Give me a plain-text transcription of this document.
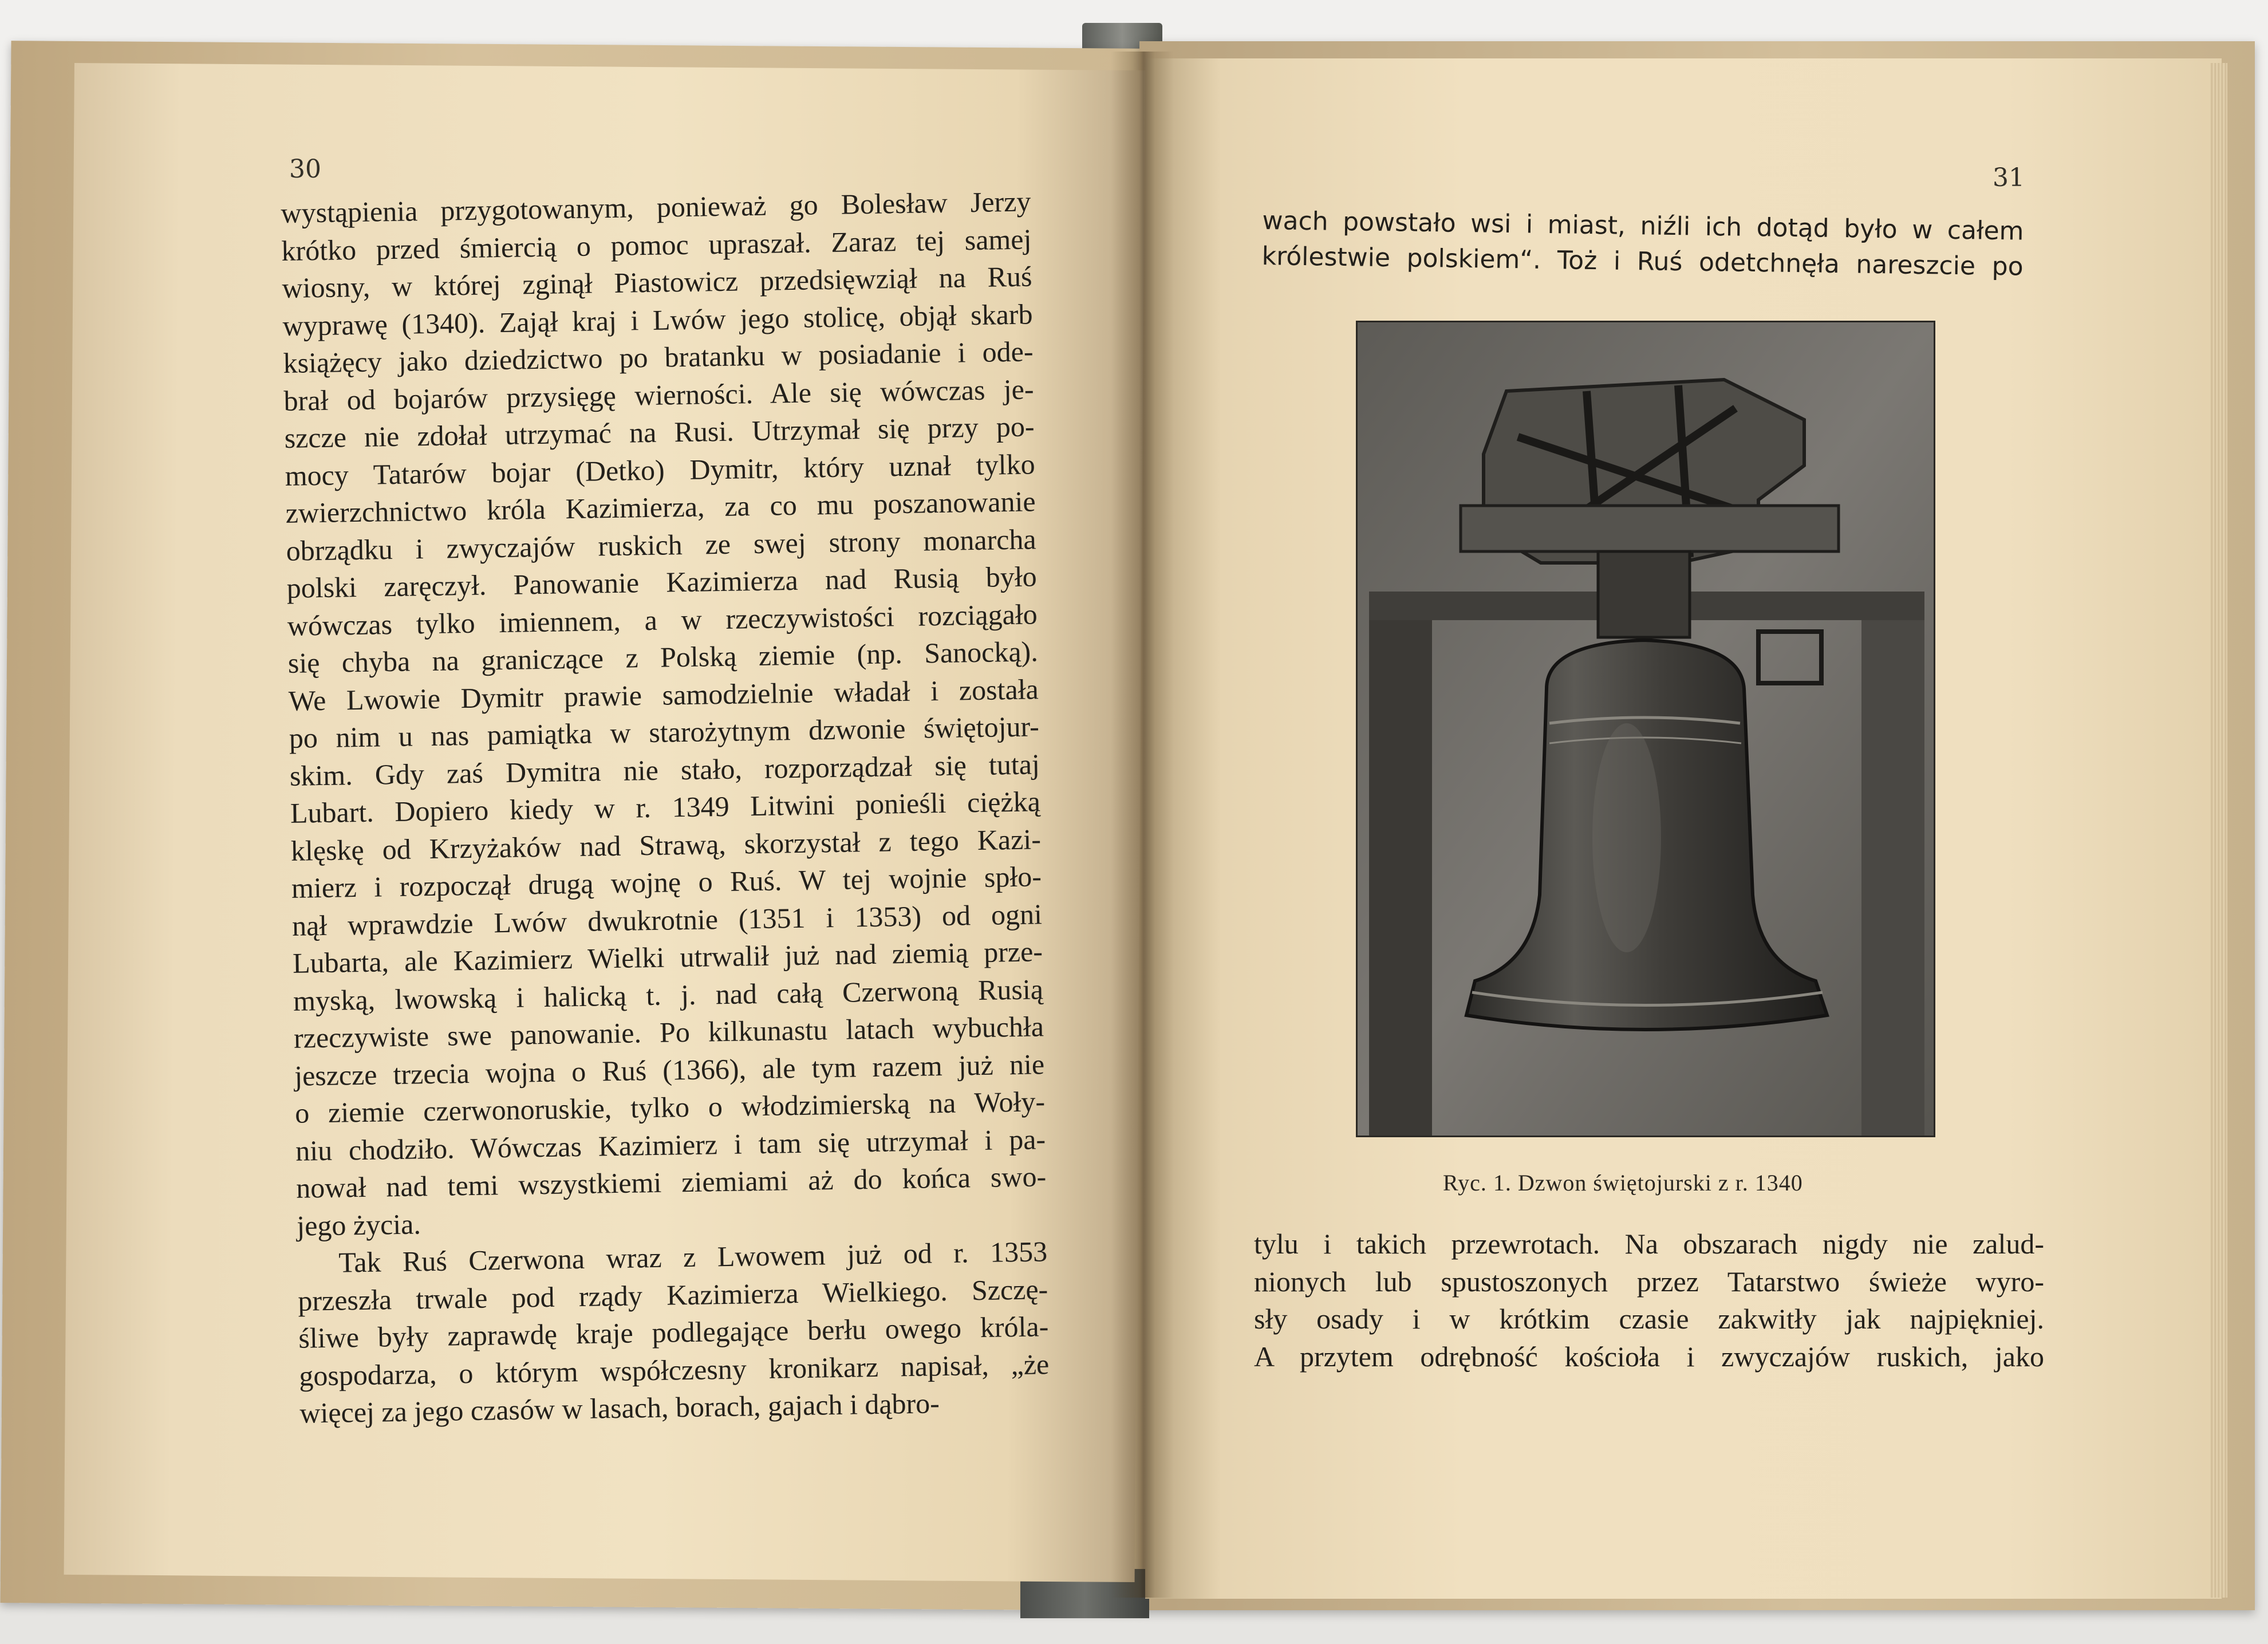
30
wystąpienia przygotowanym, ponieważ go Bolesław Jerzy
krótko przed śmiercią o pomoc upraszał. Zaraz tej samej
wiosny, w której zginął Piastowicz przedsięwziął na Ruś
wyprawę (1340). Zajął kraj i Lwów jego stolicę, objął skarb
książęcy jako dziedzictwo po bratanku w posiadanie i ode-
brał od bojarów przysięgę wierności. Ale się wówczas je-
szcze nie zdołał utrzymać na Rusi. Utrzymał się przy po-
mocy Tatarów bojar (Detko) Dymitr, który uznał tylko
zwierzchnictwo króla Kazimierza, za co mu poszanowanie
obrządku i zwyczajów ruskich ze swej strony monarcha
polski zaręczył. Panowanie Kazimierza nad Rusią było
wówczas tylko imiennem, a w rzeczywistości rozciągało
się chyba na graniczące z Polską ziemie (np. Sanocką).
We Lwowie Dymitr prawie samodzielnie władał i została
po nim u nas pamiątka w starożytnym dzwonie świętojur-
skim. Gdy zaś Dymitra nie stało, rozporządzał się tutaj
Lubart. Dopiero kiedy w r. 1349 Litwini ponieśli ciężką
klęskę od Krzyżaków nad Strawą, skorzystał z tego Kazi-
mierz i rozpoczął drugą wojnę o Ruś. W tej wojnie spło-
nął wprawdzie Lwów dwukrotnie (1351 i 1353) od ogni
Lubarta, ale Kazimierz Wielki utrwalił już nad ziemią prze-
myską, lwowską i halicką t. j. nad całą Czerwoną Rusią
rzeczywiste swe panowanie. Po kilkunastu latach wybuchła
jeszcze trzecia wojna o Ruś (1366), ale tym razem już nie
o ziemie czerwonoruskie, tylko o włodzimierską na Woły-
niu chodziło. Wówczas Kazimierz i tam się utrzymał i pa-
nował nad temi wszystkiemi ziemiami aż do końca swo-
jego życia.
Tak Ruś Czerwona wraz z Lwowem już od r. 1353
przeszła trwale pod rządy Kazimierza Wielkiego. Szczę-
śliwe były zaprawdę kraje podlegające berłu owego króla-
gospodarza, o którym współczesny kronikarz napisał, „że
więcej za jego czasów w lasach, borach, gajach i dąbro-
31
wach powstało wsi i miast, niźli ich dotąd było w całem
królestwie polskiem“. Toż i Ruś odetchnęła nareszcie po
Ryc. 1. Dzwon świętojurski z r. 1340
tylu i takich przewrotach. Na obszarach nigdy nie zalud-
nionych lub spustoszonych przez Tatarstwo świeże wyro-
sły osady i w krótkim czasie zakwitły jak najpiękniej.
A przytem odrębność kościoła i zwyczajów ruskich, jako
